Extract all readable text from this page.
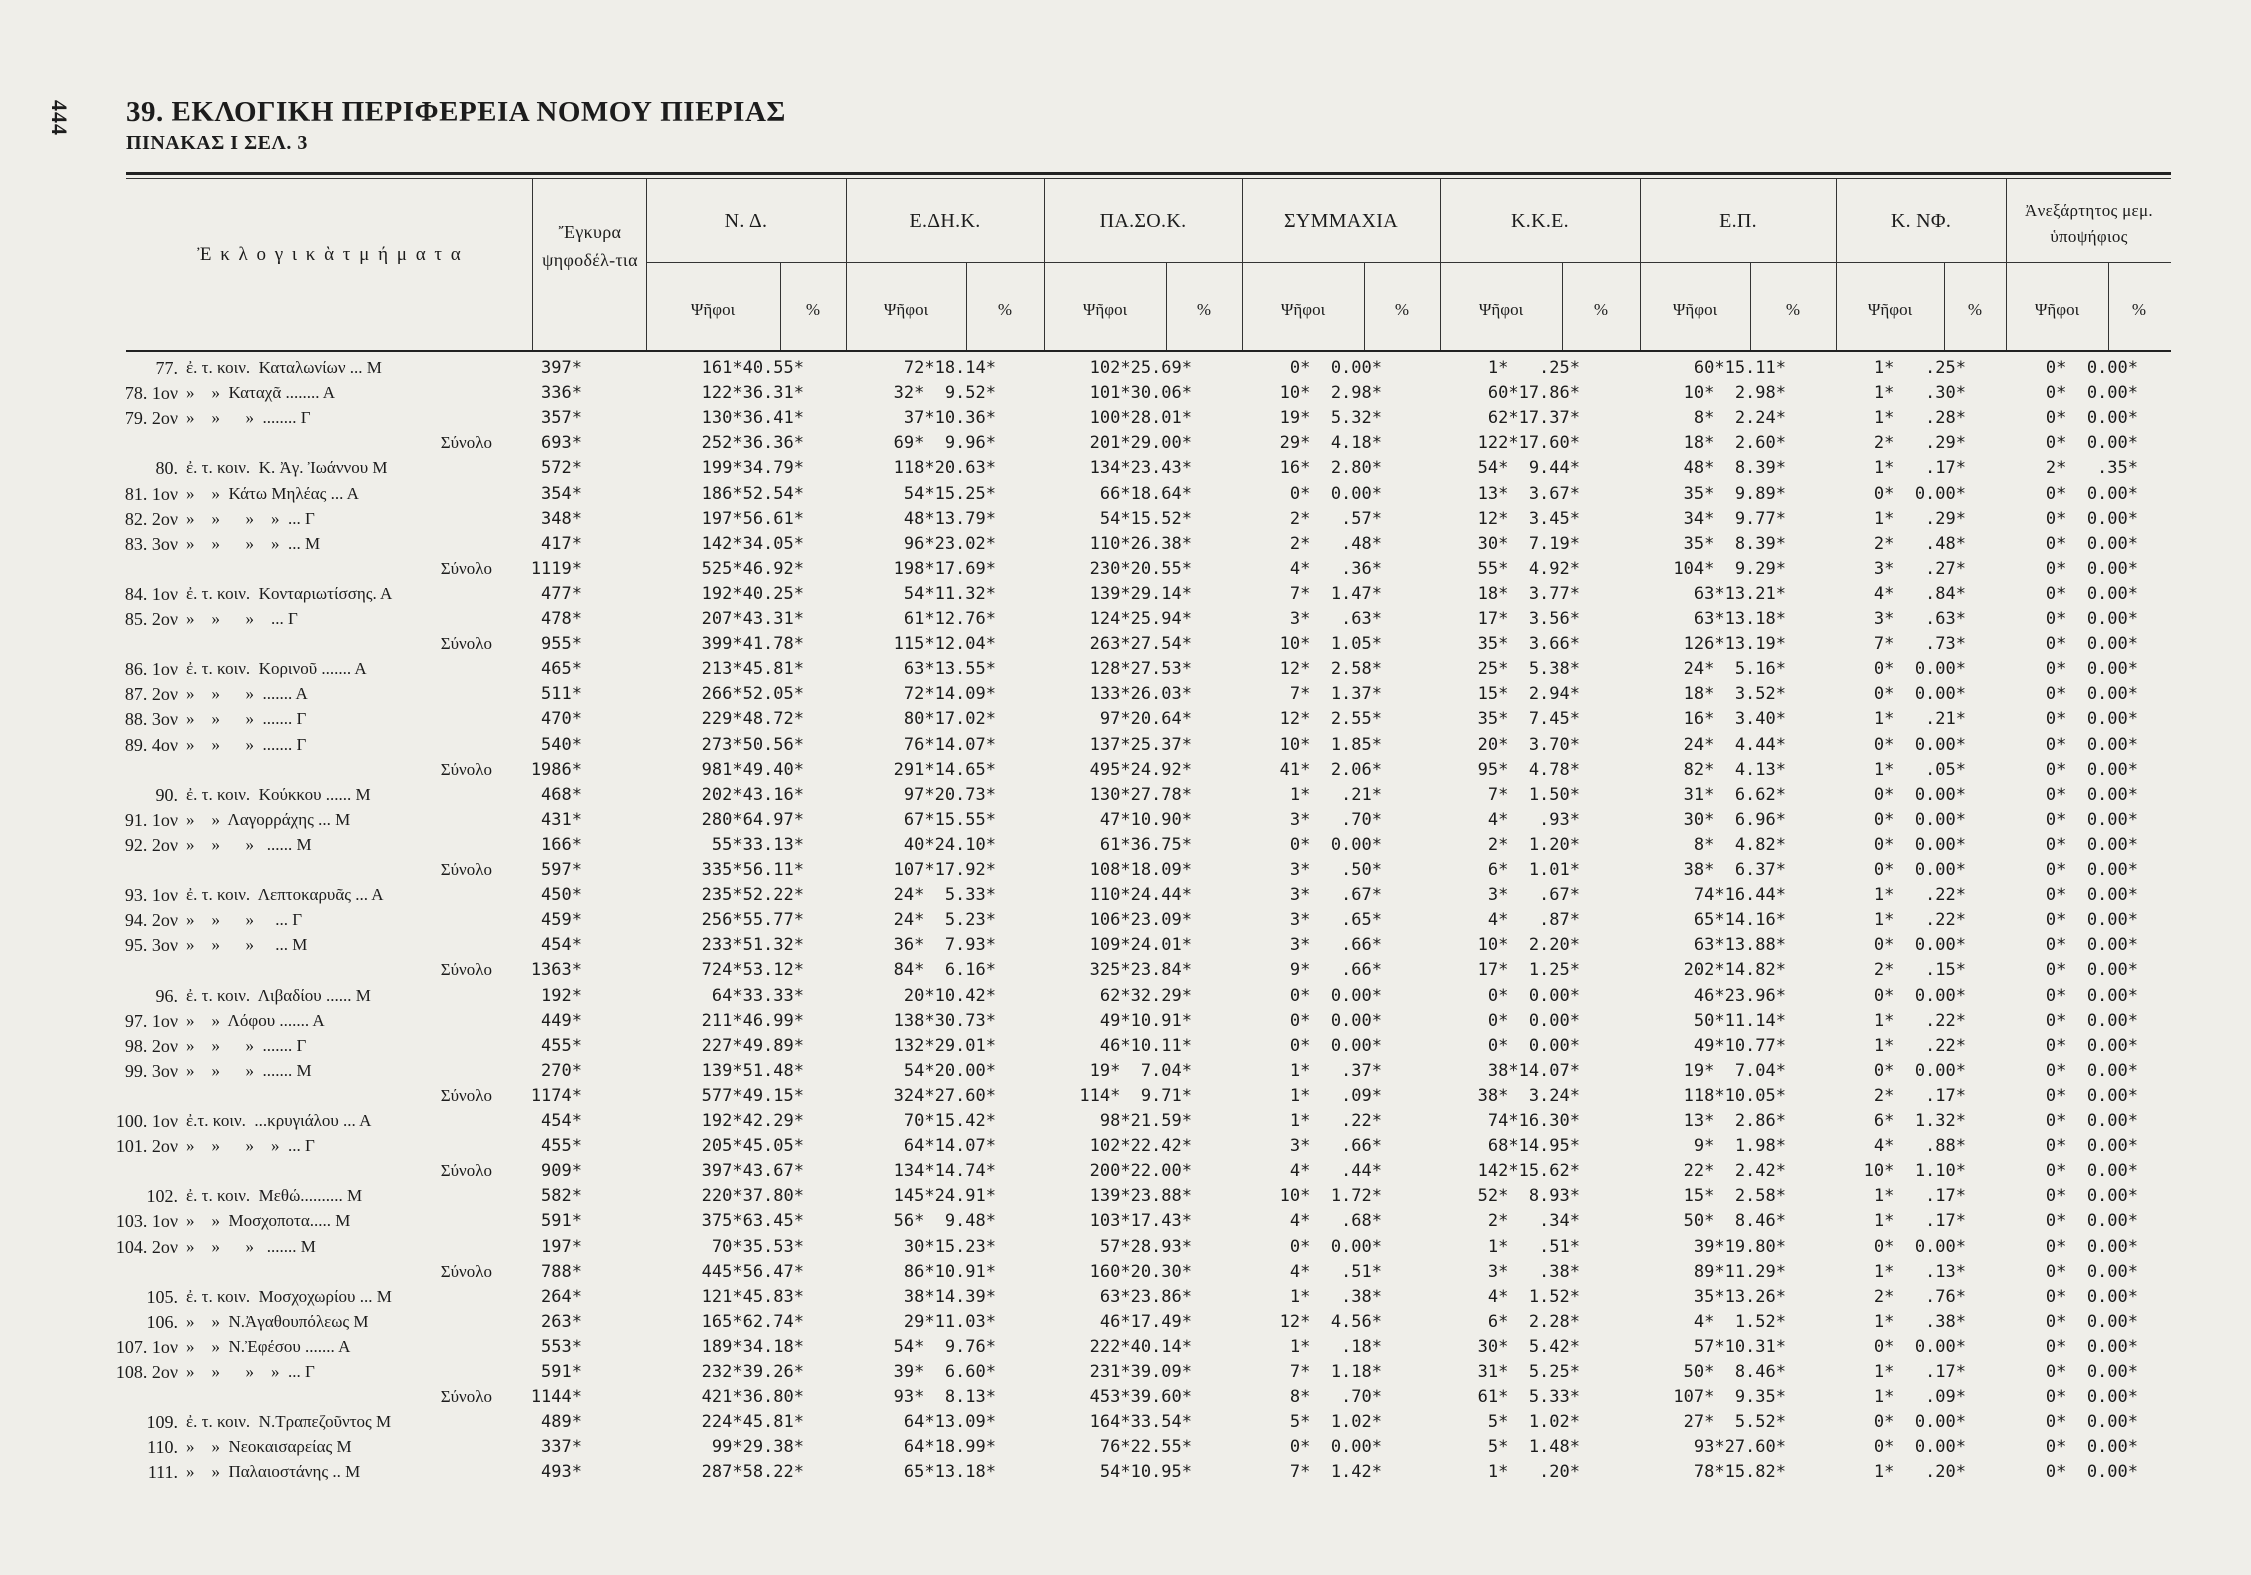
444 39. ΕΚΛΟΓΙΚΗ ΠΕΡΙΦΕΡΕΙΑ ΝΟΜΟΥ ΠΙΕΡΙΑΣ
ΠΙΝΑΚΑΣ Ι ΣΕΛ. 3
Ἐ κ λ ο γ ι κ ὰ τ μ ή μ α τ α
Ἔγκυρα ψηφοδέλ-τια
Ν. Δ.	Ε.ΔΗ.Κ.	ΠΑ.ΣΟ.Κ.	ΣΥΜΜΑΧΙΑ	Κ.Κ.Ε.	Ε.Π.	Κ. ΝΦ.	Ἀνεξάρτητος μεμ. ὑποψήφιος
Ψῆφοι	%	Ψῆφοι	%	Ψῆφοι	%	Ψῆφοι	%	Ψῆφοι	%	Ψῆφοι	%	Ψῆφοι	%	Ψῆφοι	%
77. ἐ. τ. κοιν.  Καταλωνίων ... Μ	397*	161*40.55*	72*18.14*	102*25.69*	0*  0.00*	1*   .25*	60*15.11*	1*   .25*	0*  0.00*
78. 1ον »    »  Καταχᾶ ........ Α	336*	122*36.31*	32*  9.52*	101*30.06*	10*  2.98*	60*17.86*	10*  2.98*	1*   .30*	0*  0.00*
79. 2ον »    »      »  ........ Γ	357*	130*36.41*	37*10.36*	100*28.01*	19*  5.32*	62*17.37*	8*  2.24*	1*   .28*	0*  0.00*
Σύνολο	693*	252*36.36*	69*  9.96*	201*29.00*	29*  4.18*	122*17.60*	18*  2.60*	2*   .29*	0*  0.00*
80. ἐ. τ. κοιν.  Κ. Ἀγ. Ἰωάννου Μ	572*	199*34.79*	118*20.63*	134*23.43*	16*  2.80*	54*  9.44*	48*  8.39*	1*   .17*	2*   .35*
81. 1ον »    »  Κάτω Μηλέας ... Α	354*	186*52.54*	54*15.25*	66*18.64*	0*  0.00*	13*  3.67*	35*  9.89*	0*  0.00*	0*  0.00*
82. 2ον »    »      »    »  ... Γ	348*	197*56.61*	48*13.79*	54*15.52*	2*   .57*	12*  3.45*	34*  9.77*	1*   .29*	0*  0.00*
83. 3ον »    »      »    »  ... Μ	417*	142*34.05*	96*23.02*	110*26.38*	2*   .48*	30*  7.19*	35*  8.39*	2*   .48*	0*  0.00*
Σύνολο	1119*	525*46.92*	198*17.69*	230*20.55*	4*   .36*	55*  4.92*	104*  9.29*	3*   .27*	0*  0.00*
84. 1ον ἐ. τ. κοιν.  Κονταριωτίσσης. Α	477*	192*40.25*	54*11.32*	139*29.14*	7*  1.47*	18*  3.77*	63*13.21*	4*   .84*	0*  0.00*
85. 2ον »    »      »    ... Γ	478*	207*43.31*	61*12.76*	124*25.94*	3*   .63*	17*  3.56*	63*13.18*	3*   .63*	0*  0.00*
Σύνολο	955*	399*41.78*	115*12.04*	263*27.54*	10*  1.05*	35*  3.66*	126*13.19*	7*   .73*	0*  0.00*
86. 1ον ἐ. τ. κοιν.  Κορινοῦ ....... Α	465*	213*45.81*	63*13.55*	128*27.53*	12*  2.58*	25*  5.38*	24*  5.16*	0*  0.00*	0*  0.00*
87. 2ον »    »      »  ....... Α	511*	266*52.05*	72*14.09*	133*26.03*	7*  1.37*	15*  2.94*	18*  3.52*	0*  0.00*	0*  0.00*
88. 3ον »    »      »  ....... Γ	470*	229*48.72*	80*17.02*	97*20.64*	12*  2.55*	35*  7.45*	16*  3.40*	1*   .21*	0*  0.00*
89. 4ον »    »      »  ....... Γ	540*	273*50.56*	76*14.07*	137*25.37*	10*  1.85*	20*  3.70*	24*  4.44*	0*  0.00*	0*  0.00*
Σύνολο	1986*	981*49.40*	291*14.65*	495*24.92*	41*  2.06*	95*  4.78*	82*  4.13*	1*   .05*	0*  0.00*
90. ἐ. τ. κοιν.  Κούκκου ...... Μ	468*	202*43.16*	97*20.73*	130*27.78*	1*   .21*	7*  1.50*	31*  6.62*	0*  0.00*	0*  0.00*
91. 1ον »    »  Λαγορράχης ... Μ	431*	280*64.97*	67*15.55*	47*10.90*	3*   .70*	4*   .93*	30*  6.96*	0*  0.00*	0*  0.00*
92. 2ον »    »      »   ...... Μ	166*	55*33.13*	40*24.10*	61*36.75*	0*  0.00*	2*  1.20*	8*  4.82*	0*  0.00*	0*  0.00*
Σύνολο	597*	335*56.11*	107*17.92*	108*18.09*	3*   .50*	6*  1.01*	38*  6.37*	0*  0.00*	0*  0.00*
93. 1ον ἐ. τ. κοιν.  Λεπτοκαρυᾶς ... Α	450*	235*52.22*	24*  5.33*	110*24.44*	3*   .67*	3*   .67*	74*16.44*	1*   .22*	0*  0.00*
94. 2ον »    »      »     ... Γ	459*	256*55.77*	24*  5.23*	106*23.09*	3*   .65*	4*   .87*	65*14.16*	1*   .22*	0*  0.00*
95. 3ον »    »      »     ... Μ	454*	233*51.32*	36*  7.93*	109*24.01*	3*   .66*	10*  2.20*	63*13.88*	0*  0.00*	0*  0.00*
Σύνολο	1363*	724*53.12*	84*  6.16*	325*23.84*	9*   .66*	17*  1.25*	202*14.82*	2*   .15*	0*  0.00*
96. ἐ. τ. κοιν.  Λιβαδίου ...... Μ	192*	64*33.33*	20*10.42*	62*32.29*	0*  0.00*	0*  0.00*	46*23.96*	0*  0.00*	0*  0.00*
97. 1ον »    »  Λόφου ....... Α	449*	211*46.99*	138*30.73*	49*10.91*	0*  0.00*	0*  0.00*	50*11.14*	1*   .22*	0*  0.00*
98. 2ον »    »      »  ....... Γ	455*	227*49.89*	132*29.01*	46*10.11*	0*  0.00*	0*  0.00*	49*10.77*	1*   .22*	0*  0.00*
99. 3ον »    »      »  ....... Μ	270*	139*51.48*	54*20.00*	19*  7.04*	1*   .37*	38*14.07*	19*  7.04*	0*  0.00*	0*  0.00*
Σύνολο	1174*	577*49.15*	324*27.60*	114*  9.71*	1*   .09*	38*  3.24*	118*10.05*	2*   .17*	0*  0.00*
100. 1ον ἐ.τ. κοιν.  ...κρυγιάλου ... Α	454*	192*42.29*	70*15.42*	98*21.59*	1*   .22*	74*16.30*	13*  2.86*	6*  1.32*	0*  0.00*
101. 2ον »    »      »    »  ... Γ	455*	205*45.05*	64*14.07*	102*22.42*	3*   .66*	68*14.95*	9*  1.98*	4*   .88*	0*  0.00*
Σύνολο	909*	397*43.67*	134*14.74*	200*22.00*	4*   .44*	142*15.62*	22*  2.42*	10*  1.10*	0*  0.00*
102. ἐ. τ. κοιν.  Μεθώ.......... Μ	582*	220*37.80*	145*24.91*	139*23.88*	10*  1.72*	52*  8.93*	15*  2.58*	1*   .17*	0*  0.00*
103. 1ον »    »  Μοσχοποτα..... Μ	591*	375*63.45*	56*  9.48*	103*17.43*	4*   .68*	2*   .34*	50*  8.46*	1*   .17*	0*  0.00*
104. 2ον »    »      »   ....... Μ	197*	70*35.53*	30*15.23*	57*28.93*	0*  0.00*	1*   .51*	39*19.80*	0*  0.00*	0*  0.00*
Σύνολο	788*	445*56.47*	86*10.91*	160*20.30*	4*   .51*	3*   .38*	89*11.29*	1*   .13*	0*  0.00*
105. ἐ. τ. κοιν.  Μοσχοχωρίου ... Μ	264*	121*45.83*	38*14.39*	63*23.86*	1*   .38*	4*  1.52*	35*13.26*	2*   .76*	0*  0.00*
106. »    »  Ν.Ἀγαθουπόλεως Μ	263*	165*62.74*	29*11.03*	46*17.49*	12*  4.56*	6*  2.28*	4*  1.52*	1*   .38*	0*  0.00*
107. 1ον »    »  Ν.Ἐφέσου ....... Α	553*	189*34.18*	54*  9.76*	222*40.14*	1*   .18*	30*  5.42*	57*10.31*	0*  0.00*	0*  0.00*
108. 2ον »    »      »    »  ... Γ	591*	232*39.26*	39*  6.60*	231*39.09*	7*  1.18*	31*  5.25*	50*  8.46*	1*   .17*	0*  0.00*
Σύνολο	1144*	421*36.80*	93*  8.13*	453*39.60*	8*   .70*	61*  5.33*	107*  9.35*	1*   .09*	0*  0.00*
109. ἐ. τ. κοιν.  Ν.Τραπεζοῦντος Μ	489*	224*45.81*	64*13.09*	164*33.54*	5*  1.02*	5*  1.02*	27*  5.52*	0*  0.00*	0*  0.00*
110. »    »  Νεοκαισαρείας Μ	337*	99*29.38*	64*18.99*	76*22.55*	0*  0.00*	5*  1.48*	93*27.60*	0*  0.00*	0*  0.00*
111. »    »  Παλαιοστάνης .. Μ	493*	287*58.22*	65*13.18*	54*10.95*	7*  1.42*	1*   .20*	78*15.82*	1*   .20*	0*  0.00*
